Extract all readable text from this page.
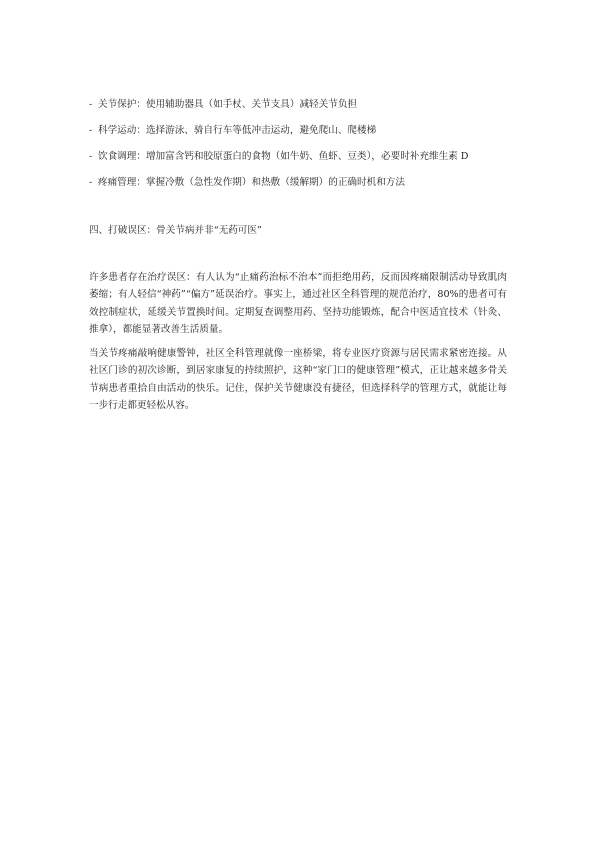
- 关节保护：使用辅助器具（如手杖、关节支具）减轻关节负担
- 科学运动：选择游泳、骑自行车等低冲击运动，避免爬山、爬楼梯
- 饮食调理：增加富含钙和胶原蛋白的食物（如牛奶、鱼虾、豆类），必要时补充维生素 D
- 疼痛管理：掌握冷敷（急性发作期）和热敷（缓解期）的正确时机和方法
四、打破误区：骨关节病并非“无药可医”

许多患者存在治疗误区：有人认为“止痛药治标不治本”而拒绝用药，反而因疼痛限制活动导致肌肉萎缩；有人轻信“神药”“偏方”延误治疗。事实上，通过社区全科管理的规范治疗，80%的患者可有效控制症状，延缓关节置换时间。定期复查调整用药、坚持功能锻炼，配合中医适宜技术（针灸、推拿），都能显著改善生活质量。

当关节疼痛敲响健康警钟，社区全科管理就像一座桥梁，将专业医疗资源与居民需求紧密连接。从社区门诊的初次诊断，到居家康复的持续照护，这种“家门口的健康管理”模式，正让越来越多骨关节病患者重拾自由活动的快乐。记住，保护关节健康没有捷径，但选择科学的管理方式，就能让每一步行走都更轻松从容。
